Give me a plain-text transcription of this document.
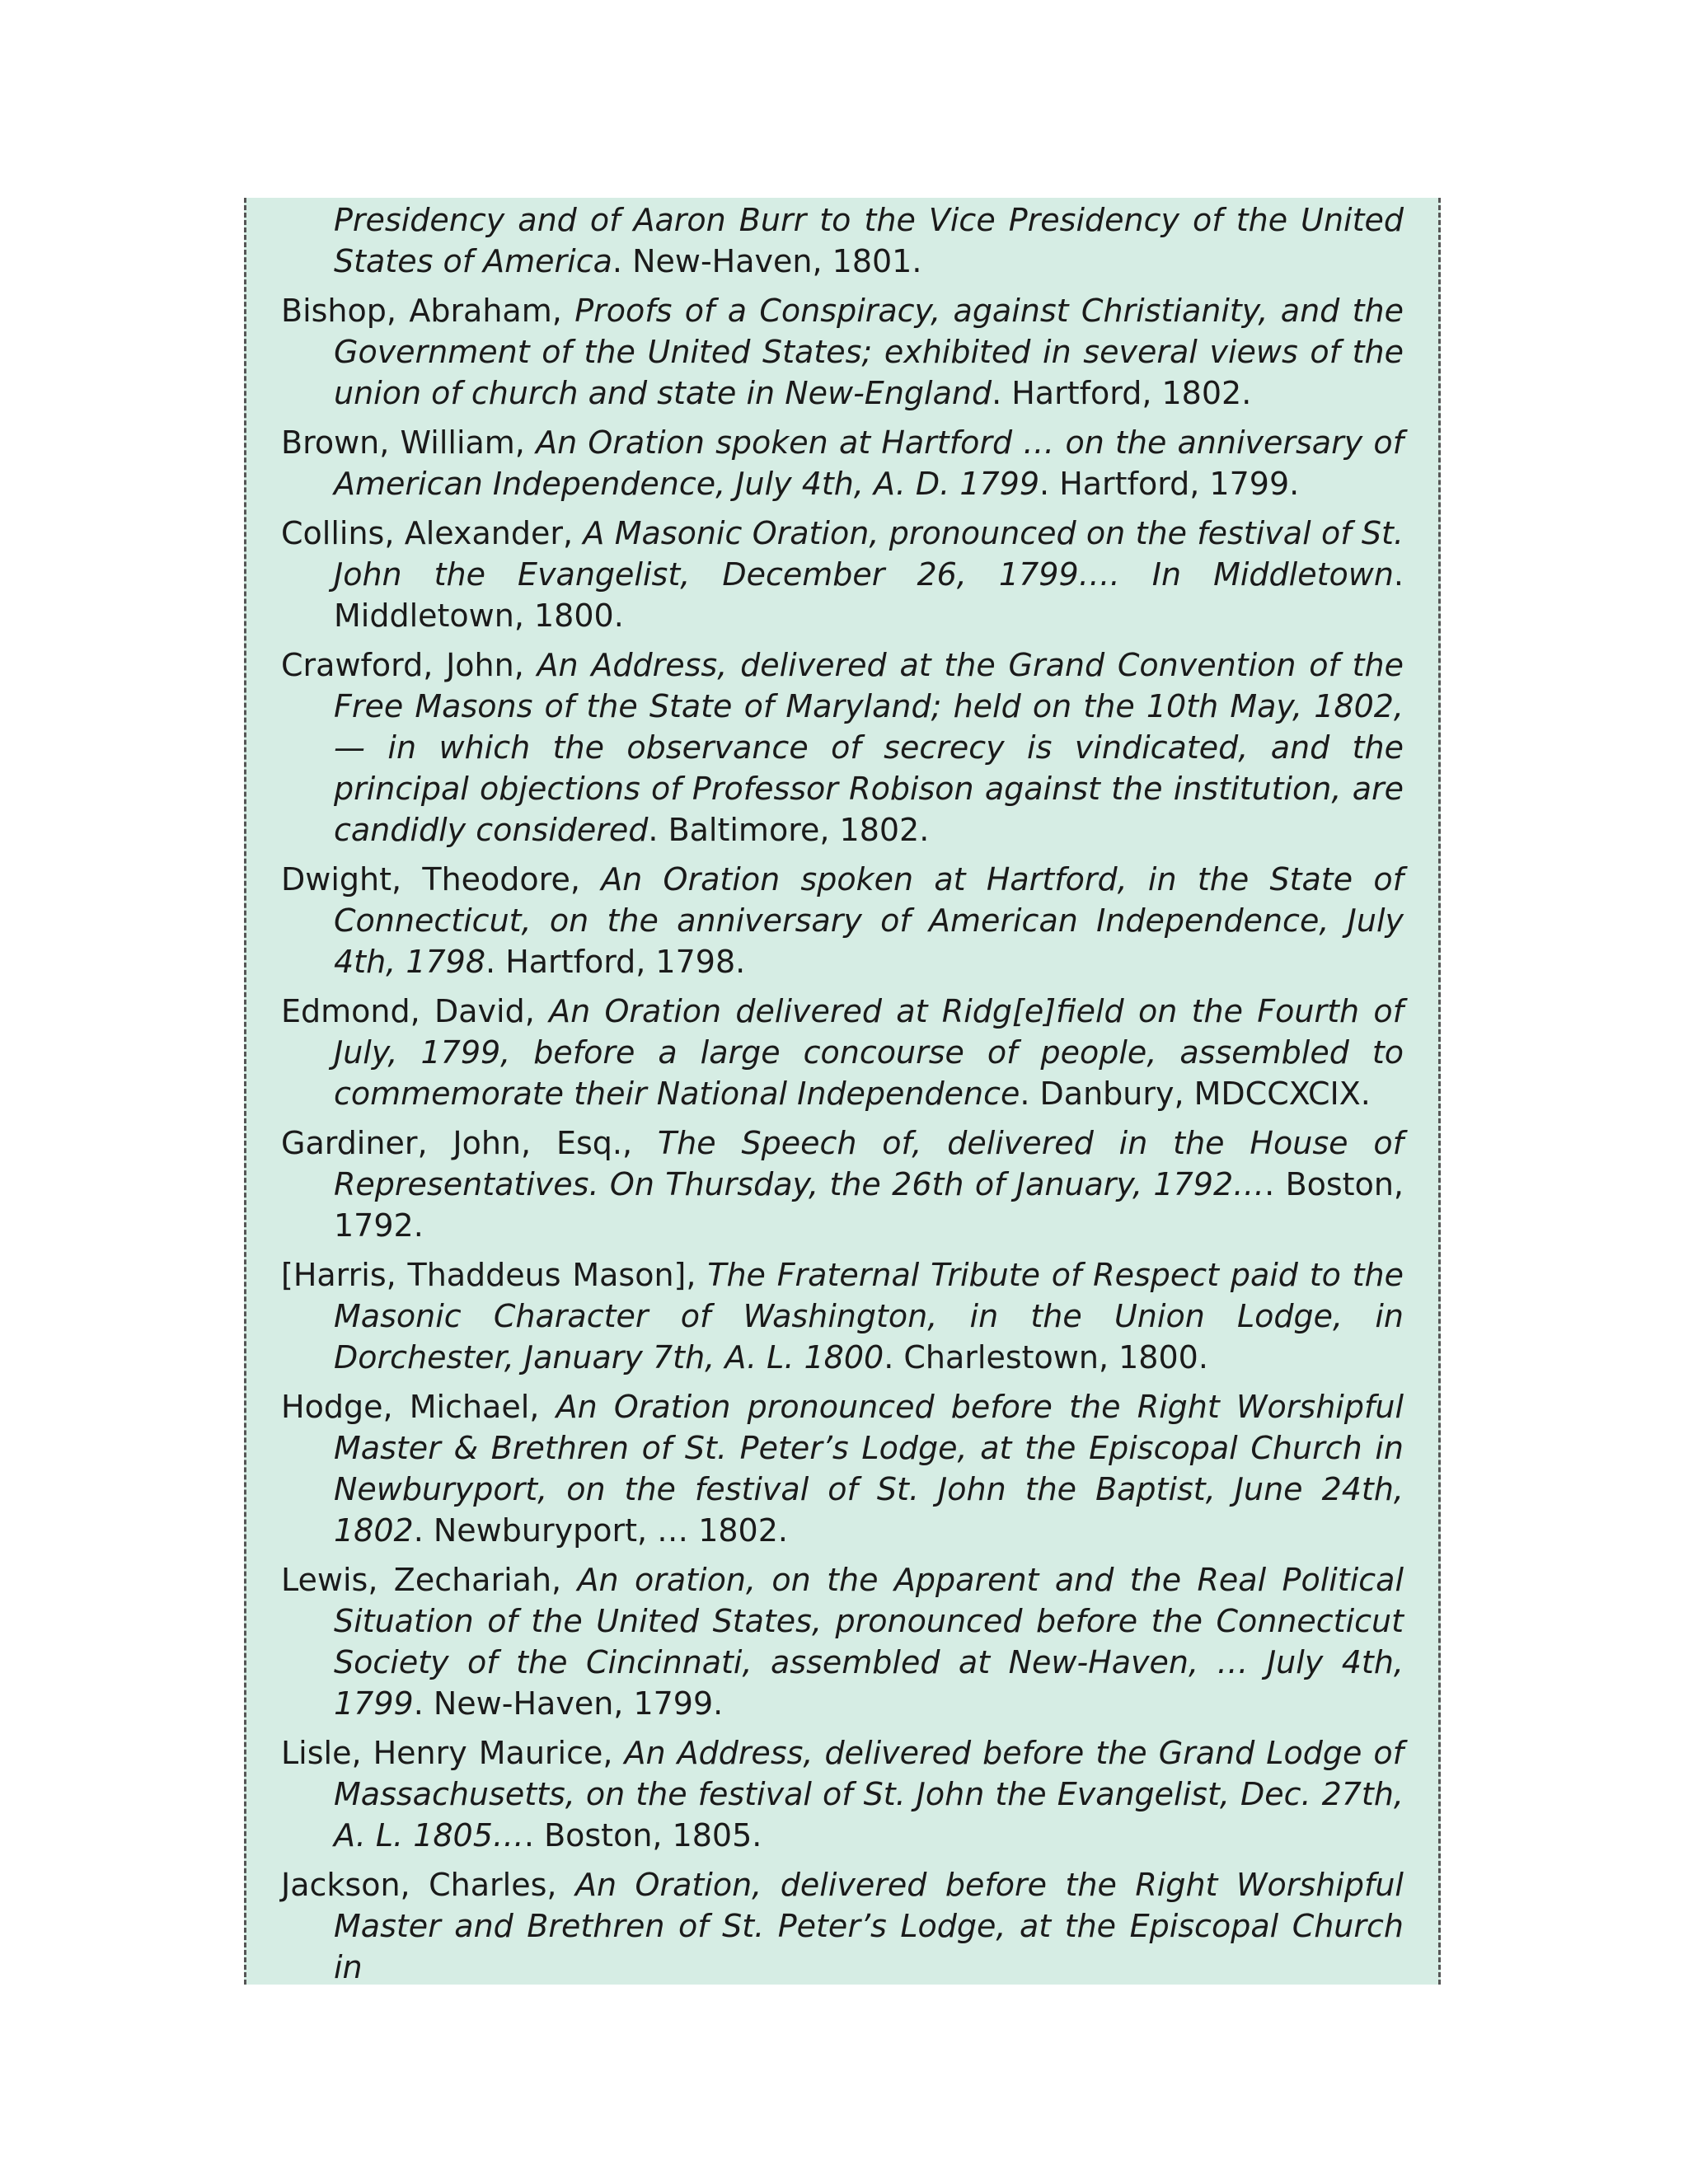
Presidency and of Aaron Burr to the Vice Presidency of the United States of America. New-Haven, 1801.
Bishop, Abraham, Proofs of a Conspiracy, against Christianity, and the Government of the United States; exhibited in several views of the union of church and state in New-England. Hartford, 1802.
Brown, William, An Oration spoken at Hartford … on the anniversary of American Independence, July 4th, A. D. 1799. Hartford, 1799.
Collins, Alexander, A Masonic Oration, pronounced on the festival of St. John the Evangelist, December 26, 1799…. In Middletown. Middletown, 1800.
Crawford, John, An Address, delivered at the Grand Convention of the Free Masons of the State of Maryland; held on the 10th May, 1802,— in which the observance of secrecy is vindicated, and the principal objections of Professor Robison against the institution, are candidly considered. Baltimore, 1802.
Dwight, Theodore, An Oration spoken at Hartford, in the State of Connecticut, on the anniversary of American Independence, July 4th, 1798. Hartford, 1798.
Edmond, David, An Oration delivered at Ridg[e]field on the Fourth of July, 1799, before a large concourse of people, assembled to commemorate their National Independence. Danbury, MDCCXCIX.
Gardiner, John, Esq., The Speech of, delivered in the House of Representatives. On Thursday, the 26th of January, 1792…. Boston, 1792.
[Harris, Thaddeus Mason], The Fraternal Tribute of Respect paid to the Masonic Character of Washington, in the Union Lodge, in Dorchester, January 7th, A. L. 1800. Charlestown, 1800.
Hodge, Michael, An Oration pronounced before the Right Worshipful Master & Brethren of St. Peter’s Lodge, at the Episcopal Church in Newburyport, on the festival of St. John the Baptist, June 24th, 1802. Newburyport, … 1802.
Lewis, Zechariah, An oration, on the Apparent and the Real Political Situation of the United States, pronounced before the Connecticut Society of the Cincinnati, assembled at New-Haven, … July 4th, 1799. New-Haven, 1799.
Lisle, Henry Maurice, An Address, delivered before the Grand Lodge of Massachusetts, on the festival of St. John the Evangelist, Dec. 27th, A. L. 1805…. Boston, 1805.
Jackson, Charles, An Oration, delivered before the Right Worshipful Master and Brethren of St. Peter’s Lodge, at the Episcopal Church in
